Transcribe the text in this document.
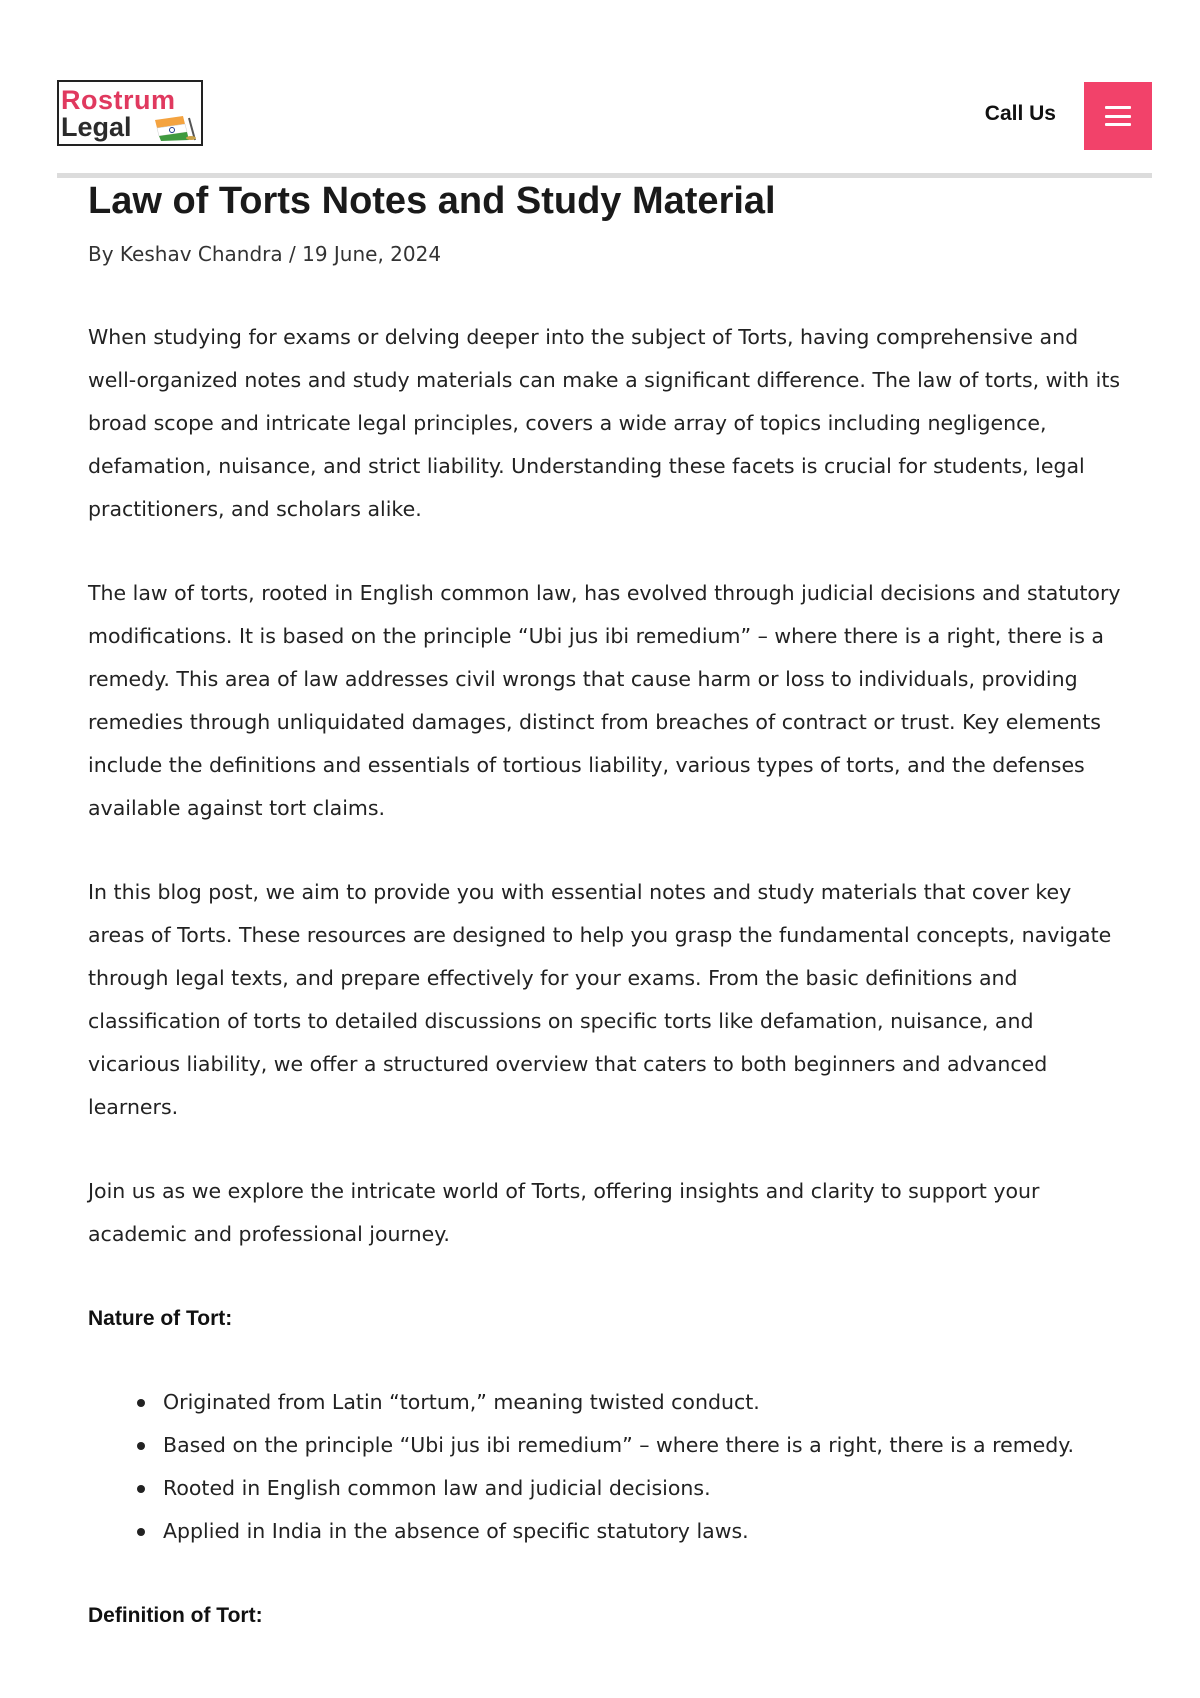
Rostrum
Legal	Call Us
Law of Torts Notes and Study Material
By Keshav Chandra / 19 June, 2024

When studying for exams or delving deeper into the subject of Torts, having comprehensive and well-organized notes and study materials can make a significant difference. The law of torts, with its broad scope and intricate legal principles, covers a wide array of topics including negligence, defamation, nuisance, and strict liability. Understanding these facets is crucial for students, legal practitioners, and scholars alike.

The law of torts, rooted in English common law, has evolved through judicial decisions and statutory modifications. It is based on the principle “Ubi jus ibi remedium” – where there is a right, there is a remedy. This area of law addresses civil wrongs that cause harm or loss to individuals, providing remedies through unliquidated damages, distinct from breaches of contract or trust. Key elements include the definitions and essentials of tortious liability, various types of torts, and the defenses available against tort claims.

In this blog post, we aim to provide you with essential notes and study materials that cover key areas of Torts. These resources are designed to help you grasp the fundamental concepts, navigate through legal texts, and prepare effectively for your exams. From the basic definitions and classification of torts to detailed discussions on specific torts like defamation, nuisance, and vicarious liability, we offer a structured overview that caters to both beginners and advanced learners.

Join us as we explore the intricate world of Torts, offering insights and clarity to support your academic and professional journey.

Nature of Tort:
Originated from Latin “tortum,” meaning twisted conduct.
Based on the principle “Ubi jus ibi remedium” – where there is a right, there is a remedy.
Rooted in English common law and judicial decisions.
Applied in India in the absence of specific statutory laws.
Definition of Tort:
